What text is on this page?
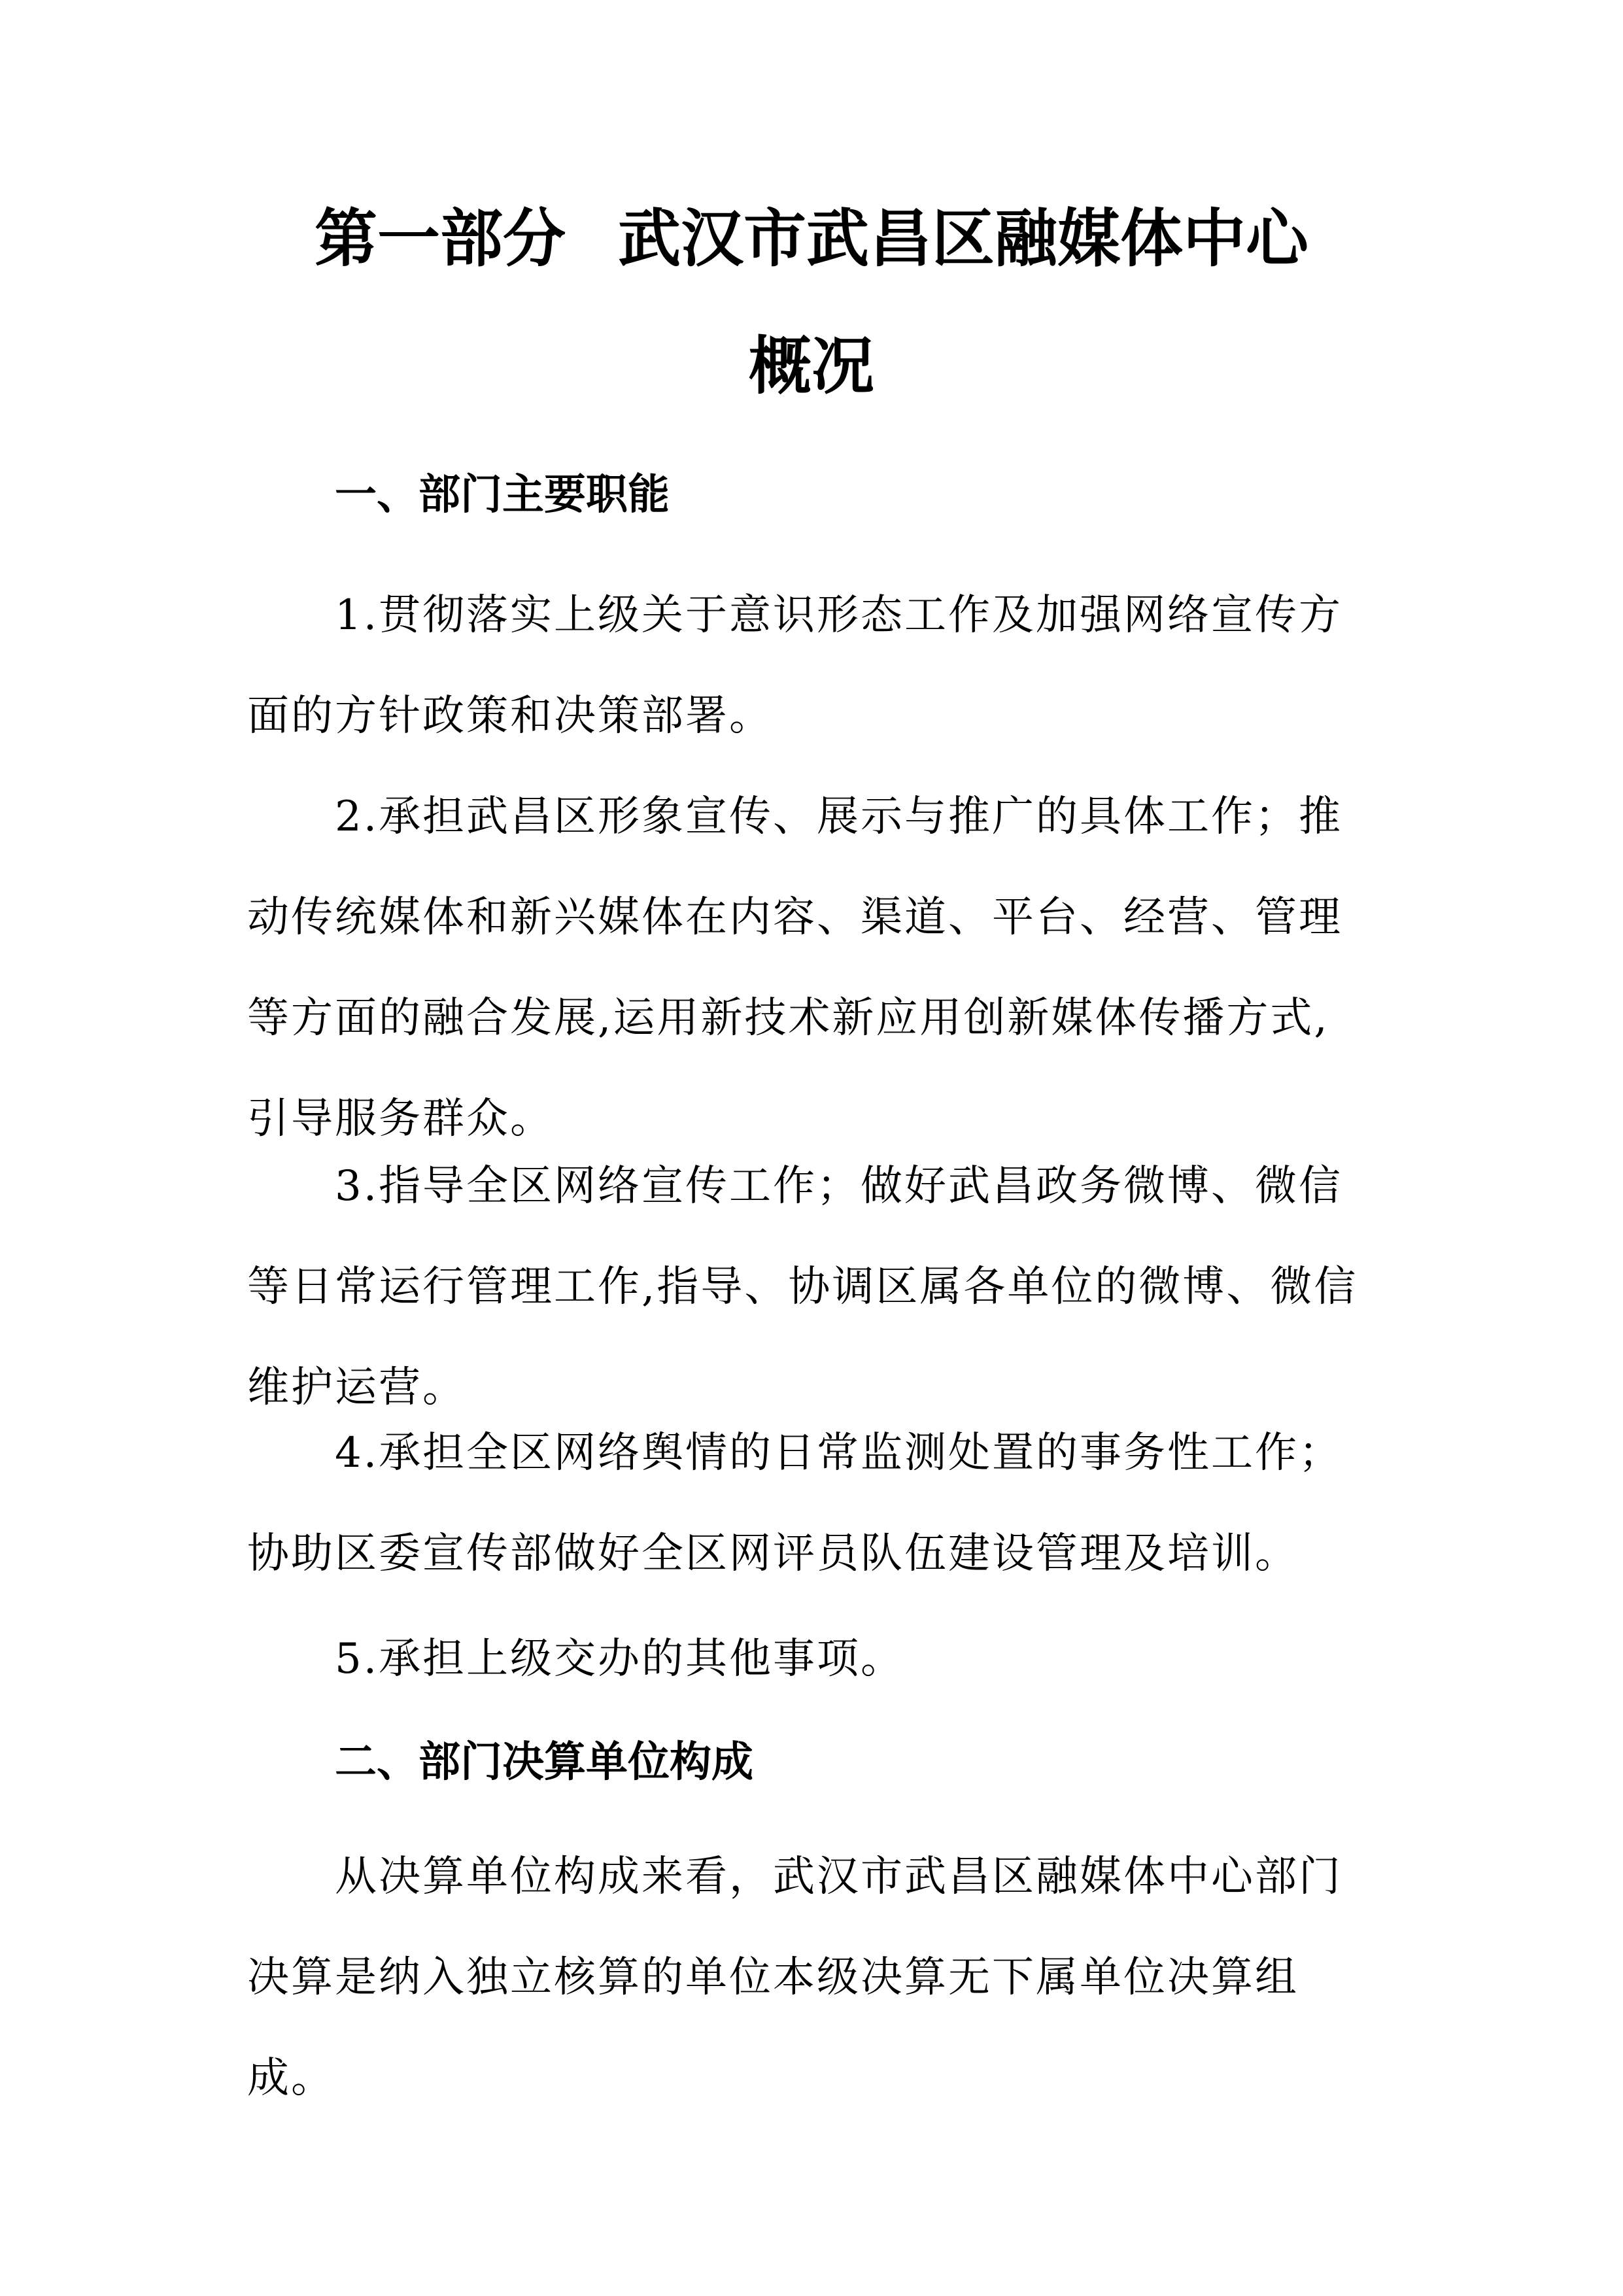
第一部分 武汉市武昌区融媒体中心
概况
一、部门主要职能

1.贯彻落实上级关于意识形态工作及加强网络宣传方
面的方针政策和决策部署。

2.承担武昌区形象宣传、展示与推广的具体工作；推
动传统媒体和新兴媒体在内容、渠道、平台、经营、管理
等方面的融合发展,运用新技术新应用创新媒体传播方式,
引导服务群众。

3.指导全区网络宣传工作；做好武昌政务微博、微信
等日常运行管理工作,指导、协调区属各单位的微博、微信
维护运营。

4.承担全区网络舆情的日常监测处置的事务性工作；
协助区委宣传部做好全区网评员队伍建设管理及培训。

5.承担上级交办的其他事项。

二、部门决算单位构成

从决算单位构成来看，武汉市武昌区融媒体中心部门
决算是纳入独立核算的单位本级决算无下属单位决算组
成。
